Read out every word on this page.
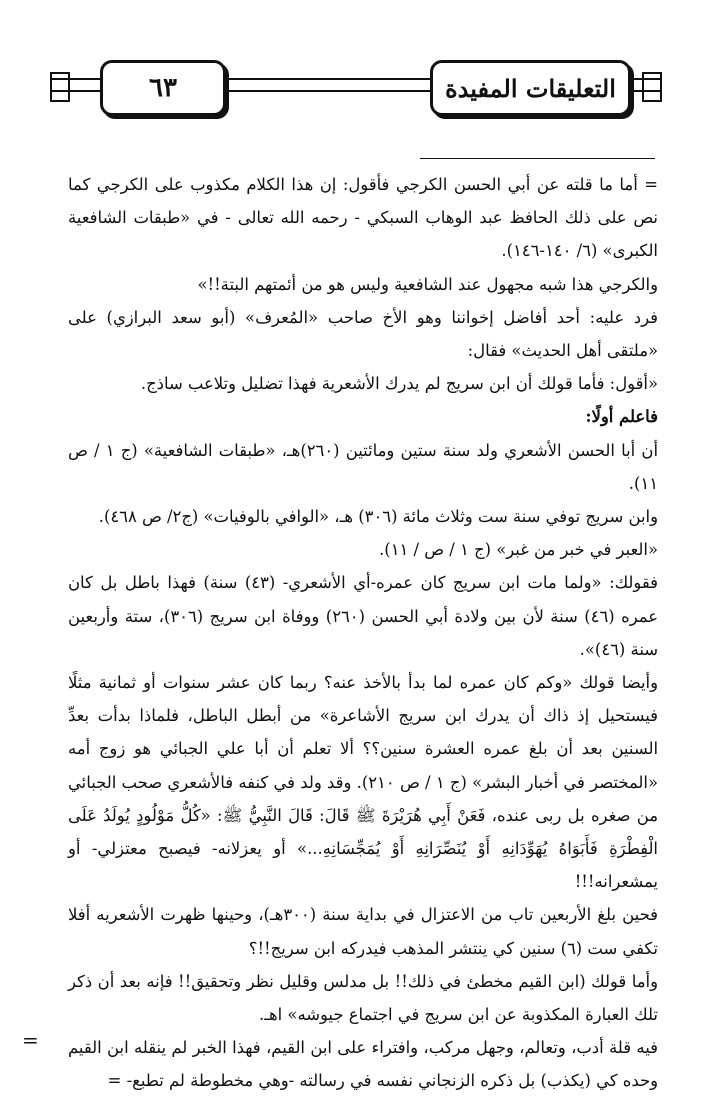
٦٣	التعليقات المفيدة

= أما ما قلته عن أبي الحسن الكرجي فأقول: إن هذا الكلام مكذوب على الكرجي كما نص على ذلك الحافظ عبد الوهاب السبكي - رحمه الله تعالى - في «طبقات الشافعية الكبرى» (٦/ ١٤٠-١٤٦).

والكرجي هذا شبه مجهول عند الشافعية وليس هو من أئمتهم البتة!!»

فرد عليه: أحد أفاضل إخواننا وهو الأخ صاحب «المُعرف» (أبو سعد البرازي) على «ملتقى أهل الحديث» فقال:

«أقول: فأما قولك أن ابن سريج لم يدرك الأشعرية فهذا تضليل وتلاعب ساذج.

فاعلم أولًا:

أن أبا الحسن الأشعري ولد سنة ستين ومائتين (٢٦٠)هـ، «طبقات الشافعية» (ج ١ / ص ١١).

وابن سريج توفي سنة ست وثلاث مائة (٣٠٦) هـ، «الوافي بالوفيات» (ج٢/ ص ٤٦٨).

«العبر في خبر من غبر» (ج ١ / ص / ١١).

فقولك: «ولما مات ابن سريج كان عمره-أي الأشعري- (٤٣) سنة) فهذا باطل بل كان عمره (٤٦) سنة لأن بين ولادة أبي الحسن (٢٦٠) ووفاة ابن سريج (٣٠٦)، ستة وأربعين سنة (٤٦)».

وأيضا قولك «وكم كان عمره لما بدأ بالأخذ عنه؟ ربما كان عشر سنوات أو ثمانية مثلًا فيستحيل إذ ذاك أن يدرك ابن سريج الأشاعرة» من أبطل الباطل، فلماذا بدأت بعدِّ السنين بعد أن بلغ عمره العشرة سنين؟؟ ألا تعلم أن أبا علي الجبائي هو زوج أمه «المختصر في أخبار البشر» (ج ١ / ص ٢١٠). وقد ولد في كنفه فالأشعري صحب الجبائي من صغره بل ربى عنده، فَعَنْ أَبِي هُرَيْرَةَ ﷺ قَالَ: قَالَ النَّبِيُّ ﷺ: «كُلُّ مَوْلُودٍ يُولَدُ عَلَى الْفِطْرَةِ فَأَبَوَاهُ يُهَوِّدَانِهِ أَوْ يُنَصِّرَانِهِ أَوْ يُمَجِّسَانِهِ...» أو يعزلانه- فيصبح معتزلي- أو يمشعرانه!!!

فحين بلغ الأربعين تاب من الاعتزال في بداية سنة (٣٠٠هـ)، وحينها ظهرت الأشعريه أفلا تكفي ست (٦) سنين كي ينتشر المذهب فيدركه ابن سريج!!؟

وأما قولك (ابن القيم مخطئ في ذلك!! بل مدلس وقليل نظر وتحقيق!! فإنه بعد أن ذكر تلك العبارة المكذوبة عن ابن سريج في اجتماع جيوشه» اهـ.

فيه قلة أدب، وتعالم، وجهل مركب، وافتراء على ابن القيم، فهذا الخبر لم ينقله ابن القيم وحده كي (يكذب) بل ذكره الزنجاني نفسه في رسالته -وهي مخطوطة لم تطبع- =

=
